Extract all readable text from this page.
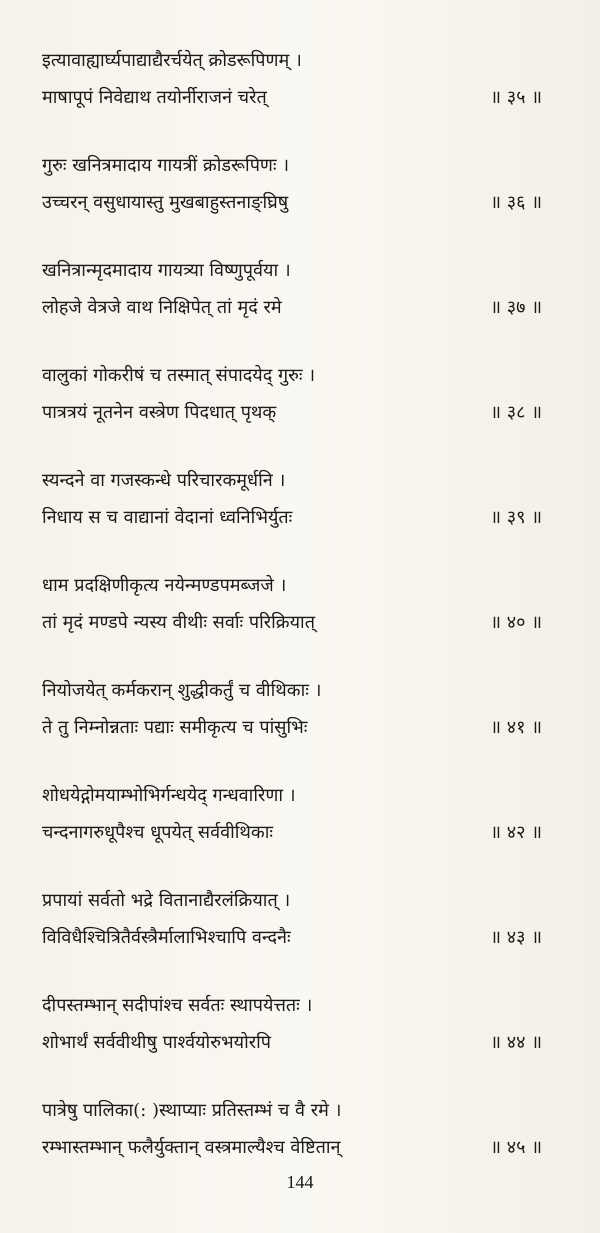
इत्यावाह्यार्घ्यपाद्याद्यैरर्चयेत् क्रोडरूपिणम् ।
माषापूपं निवेद्याथ तयोर्नीराजनं चरेत्	॥ ३५ ॥
गुरुः खनित्रमादाय गायत्रीं क्रोडरूपिणः ।
उच्चरन् वसुधायास्तु मुखबाहुस्तनाङ्घ्रिषु	॥ ३६ ॥
खनित्रान्मृदमादाय गायत्र्या विष्णुपूर्वया ।
लोहजे वेत्रजे वाथ निक्षिपेत् तां मृदं रमे	॥ ३७ ॥
वालुकां गोकरीषं च तस्मात् संपादयेद् गुरुः ।
पात्रत्रयं नूतनेन वस्त्रेण पिदधात् पृथक्	॥ ३८ ॥
स्यन्दने वा गजस्कन्धे परिचारकमूर्धनि ।
निधाय स च वाद्यानां वेदानां ध्वनिभिर्युतः	॥ ३९ ॥
धाम प्रदक्षिणीकृत्य नयेन्मण्डपमब्जजे ।
तां मृदं मण्डपे न्यस्य वीथीः सर्वाः परिक्रियात्	॥ ४० ॥
नियोजयेत् कर्मकरान् शुद्धीकर्तुं च वीथिकाः ।
ते तु निम्नोन्नताः पद्याः समीकृत्य च पांसुभिः	॥ ४१ ॥
शोधयेद्गोमयाम्भोभिर्गन्धयेद् गन्धवारिणा ।
चन्दनागरुधूपैश्च धूपयेत् सर्ववीथिकाः	॥ ४२ ॥
प्रपायां सर्वतो भद्रे वितानाद्यैरलंक्रियात् ।
विविधैश्चित्रितैर्वस्त्रैर्मालाभिश्चापि वन्दनैः	॥ ४३ ॥
दीपस्तम्भान् सदीपांश्च सर्वतः स्थापयेत्ततः ।
शोभार्थं सर्ववीथीषु पार्श्वयोरुभयोरपि	॥ ४४ ॥
पात्रेषु पालिका(: )स्थाप्याः प्रतिस्तम्भं च वै रमे ।
रम्भास्तम्भान् फलैर्युक्तान् वस्त्रमाल्यैश्च वेष्टितान्	॥ ४५ ॥
144
